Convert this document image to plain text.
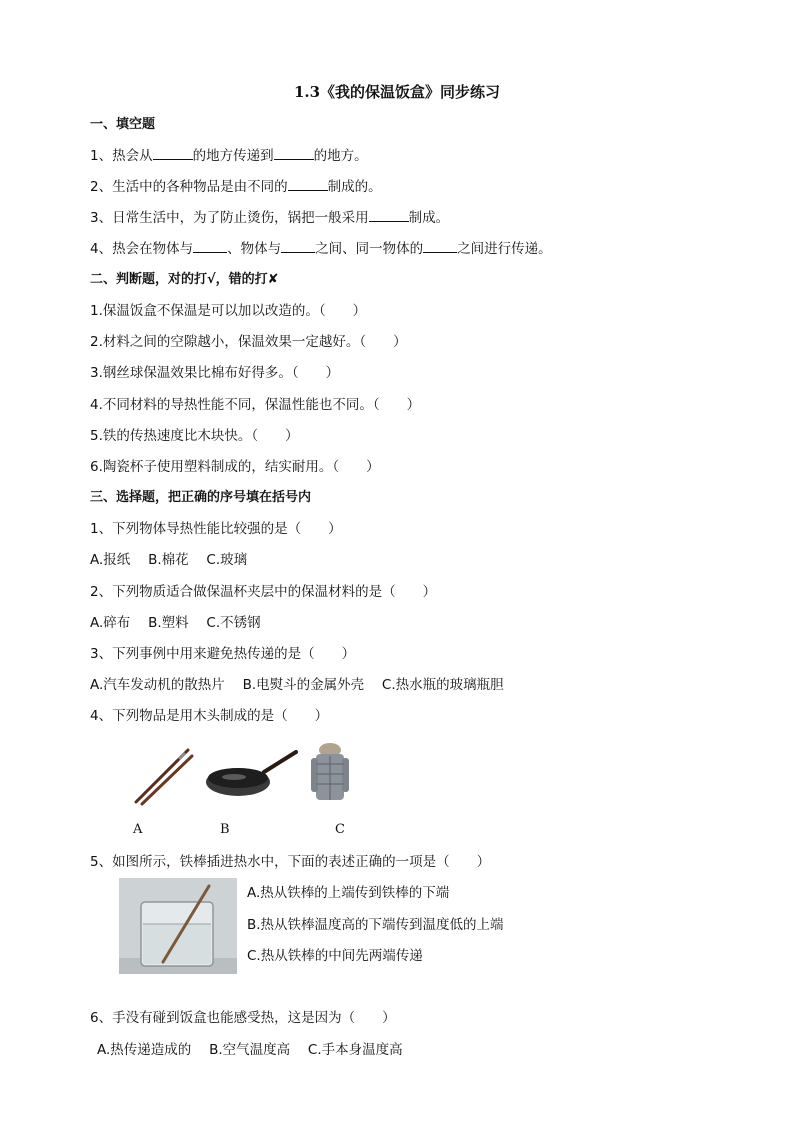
1.3《我的保温饭盒》同步练习
一、填空题
1、热会从	的地方传递到	的地方。
2、生活中的各种物品是由不同的	制成的。
3、日常生活中，为了防止烫伤，锅把一般采用	制成。
4、热会在物体与	、物体与	之间、同一物体的	之间进行传递。
二、判断题，对的打√，错的打✘
1.保温饭盒不保温是可以加以改造的。（　　）
2.材料之间的空隙越小，保温效果一定越好。（　　）
3.钢丝球保温效果比棉布好得多。（　　）
4.不同材料的导热性能不同，保温性能也不同。（　　）
5.铁的传热速度比木块快。（　　）
6.陶瓷杯子使用塑料制成的，结实耐用。（　　）
三、选择题，把正确的序号填在括号内
1、下列物体导热性能比较强的是（　　）
A.报纸　 B.棉花　 C.玻璃
2、下列物质适合做保温杯夹层中的保温材料的是（　　）
A.碎布　 B.塑料　 C.不锈钢
3、下列事例中用来避免热传递的是（　　）
A.汽车发动机的散热片　 B.电熨斗的金属外壳　 C.热水瓶的玻璃瓶胆
4、下列物品是用木头制成的是（　　）
A	B	C
5、如图所示，铁棒插进热水中，下面的表述正确的一项是（　　）
A.热从铁棒的上端传到铁棒的下端
B.热从铁棒温度高的下端传到温度低的上端
C.热从铁棒的中间先两端传递
6、手没有碰到饭盒也能感受热，这是因为（　　）
A.热传递造成的　 B.空气温度高　 C.手本身温度高
